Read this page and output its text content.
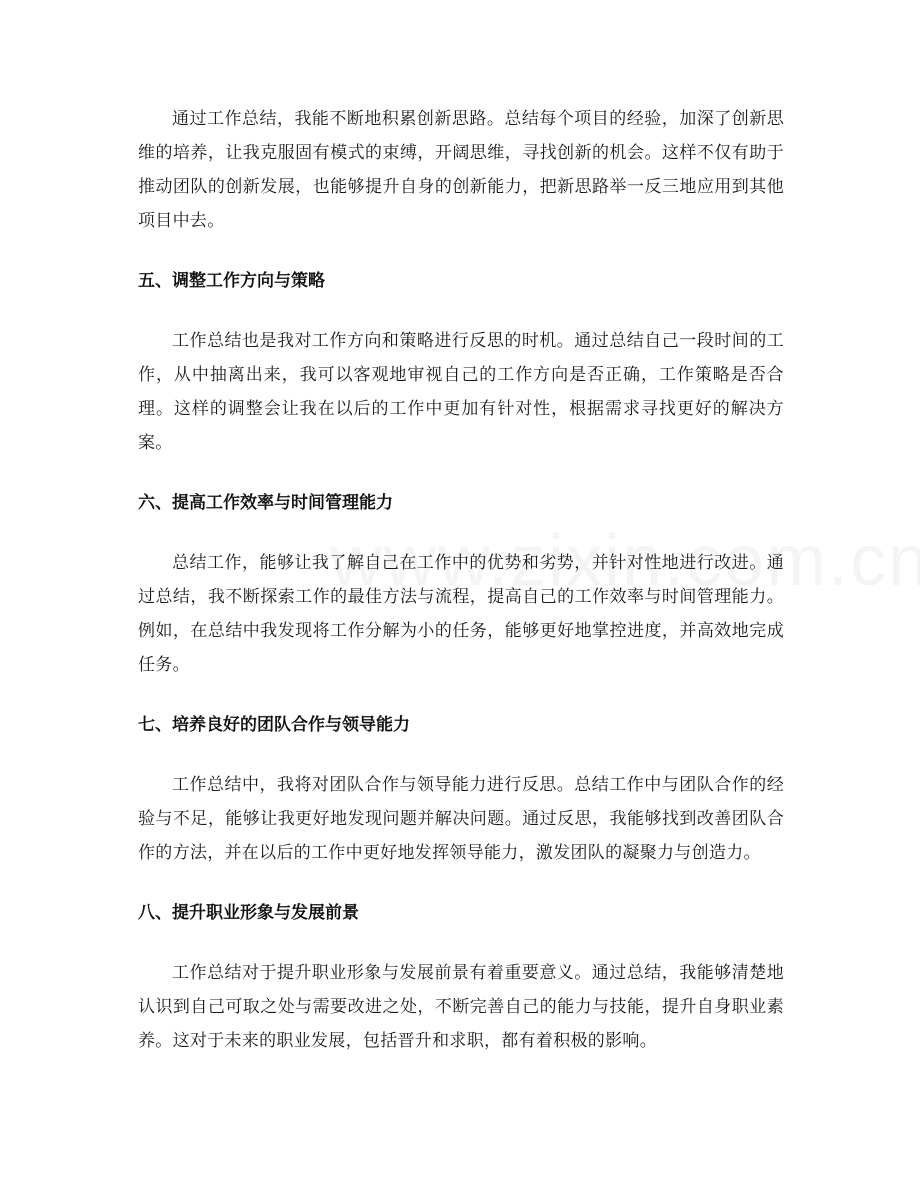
通过工作总结，我能不断地积累创新思路。总结每个项目的经验，加深了创新思维的培养，让我克服固有模式的束缚，开阔思维，寻找创新的机会。这样不仅有助于推动团队的创新发展，也能够提升自身的创新能力，把新思路举一反三地应用到其他项目中去。

五、调整工作方向与策略

工作总结也是我对工作方向和策略进行反思的时机。通过总结自己一段时间的工作，从中抽离出来，我可以客观地审视自己的工作方向是否正确，工作策略是否合理。这样的调整会让我在以后的工作中更加有针对性，根据需求寻找更好的解决方案。

六、提高工作效率与时间管理能力

总结工作，能够让我了解自己在工作中的优势和劣势，并针对性地进行改进。通过总结，我不断探索工作的最佳方法与流程，提高自己的工作效率与时间管理能力。例如，在总结中我发现将工作分解为小的任务，能够更好地掌控进度，并高效地完成任务。

七、培养良好的团队合作与领导能力

工作总结中，我将对团队合作与领导能力进行反思。总结工作中与团队合作的经验与不足，能够让我更好地发现问题并解决问题。通过反思，我能够找到改善团队合作的方法，并在以后的工作中更好地发挥领导能力，激发团队的凝聚力与创造力。

八、提升职业形象与发展前景

工作总结对于提升职业形象与发展前景有着重要意义。通过总结，我能够清楚地认识到自己可取之处与需要改进之处，不断完善自己的能力与技能，提升自身职业素养。这对于未来的职业发展，包括晋升和求职，都有着积极的影响。
